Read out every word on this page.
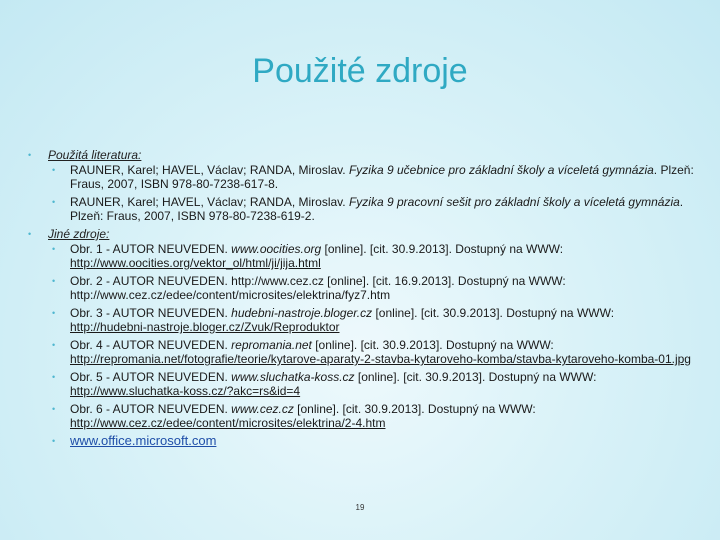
Použité zdroje
• Použitá literatura:
• RAUNER, Karel; HAVEL, Václav; RANDA, Miroslav. Fyzika 9 učebnice pro základní školy a víceletá gymnázia. Plzeň: Fraus, 2007, ISBN 978-80-7238-617-8.
• RAUNER, Karel; HAVEL, Václav; RANDA, Miroslav. Fyzika 9 pracovní sešit pro základní školy a víceletá gymnázia. Plzeň: Fraus, 2007, ISBN 978-80-7238-619-2.
• Jiné zdroje:
• Obr. 1 - AUTOR NEUVEDEN. www.oocities.org [online]. [cit. 30.9.2013]. Dostupný na WWW:
http://www.oocities.org/vektor_ol/html/ji/jija.html
• Obr. 2 - AUTOR NEUVEDEN. http://www.cez.cz [online]. [cit. 16.9.2013]. Dostupný na WWW:
http://www.cez.cz/edee/content/microsites/elektrina/fyz7.htm
• Obr. 3 - AUTOR NEUVEDEN. hudebni-nastroje.bloger.cz [online]. [cit. 30.9.2013]. Dostupný na WWW:
http://hudebni-nastroje.bloger.cz/Zvuk/Reproduktor
• Obr. 4 - AUTOR NEUVEDEN. repromania.net [online]. [cit. 30.9.2013]. Dostupný na WWW:
http://repromania.net/fotografie/teorie/kytarove-aparaty-2-stavba-kytaroveho-komba/stavba-kytaroveho-komba-01.jpg
• Obr. 5 - AUTOR NEUVEDEN. www.sluchatka-koss.cz [online]. [cit. 30.9.2013]. Dostupný na WWW:
http://www.sluchatka-koss.cz/?akc=rs&id=4
• Obr. 6 - AUTOR NEUVEDEN. www.cez.cz [online]. [cit. 30.9.2013]. Dostupný na WWW:
http://www.cez.cz/edee/content/microsites/elektrina/2-4.htm
• www.office.microsoft.com
19
